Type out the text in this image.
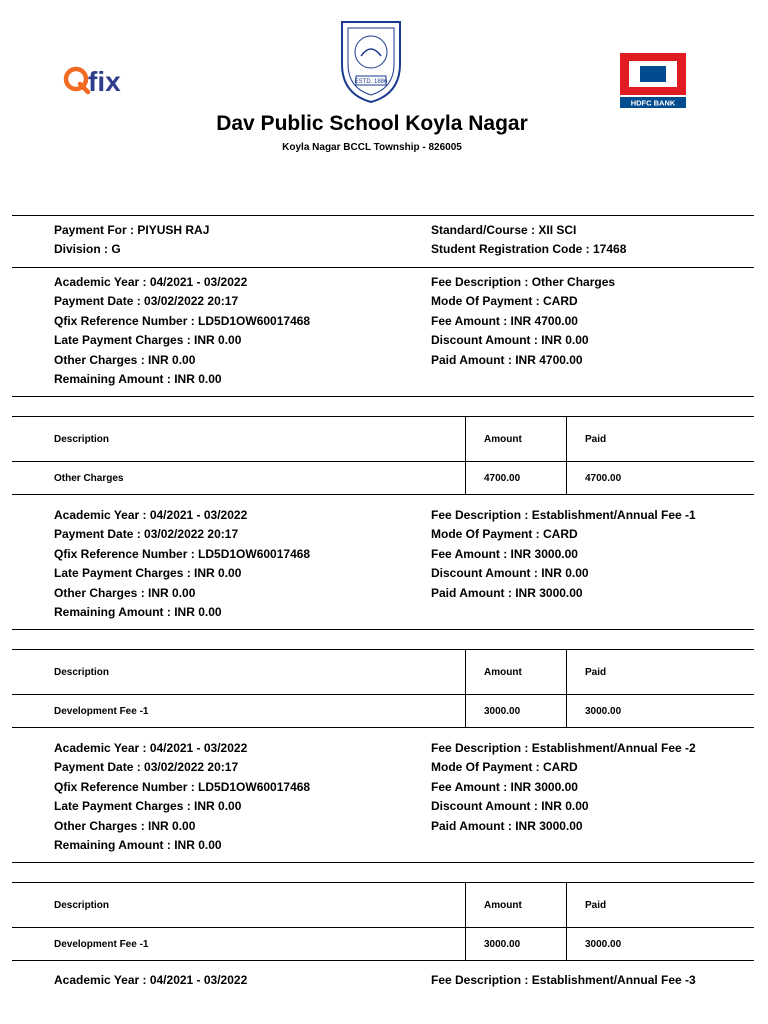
fix	ESTD. 1886
HDFC BANK
Dav Public School Koyla Nagar
Koyla Nagar BCCL Township - 826005
Payment For : PIYUSH RAJ
Division : G
Standard/Course : XII SCI
Student Registration Code : 17468
Academic Year : 04/2021 - 03/2022
Payment Date : 03/02/2022 20:17
Qfix Reference Number : LD5D1OW60017468
Late Payment Charges : INR 0.00
Other Charges : INR 0.00
Remaining Amount : INR 0.00
Fee Description : Other Charges
Mode Of Payment : CARD
Fee Amount : INR 4700.00
Discount Amount : INR 0.00
Paid Amount : INR 4700.00
Description	Amount	Paid
Other Charges	4700.00	4700.00
Academic Year : 04/2021 - 03/2022
Payment Date : 03/02/2022 20:17
Qfix Reference Number : LD5D1OW60017468
Late Payment Charges : INR 0.00
Other Charges : INR 0.00
Remaining Amount : INR 0.00
Fee Description : Establishment/Annual Fee -1
Mode Of Payment : CARD
Fee Amount : INR 3000.00
Discount Amount : INR 0.00
Paid Amount : INR 3000.00
Description	Amount	Paid
Development Fee -1	3000.00	3000.00
Academic Year : 04/2021 - 03/2022
Payment Date : 03/02/2022 20:17
Qfix Reference Number : LD5D1OW60017468
Late Payment Charges : INR 0.00
Other Charges : INR 0.00
Remaining Amount : INR 0.00
Fee Description : Establishment/Annual Fee -2
Mode Of Payment : CARD
Fee Amount : INR 3000.00
Discount Amount : INR 0.00
Paid Amount : INR 3000.00
Description	Amount	Paid
Development Fee -1	3000.00	3000.00
Academic Year : 04/2021 - 03/2022	Fee Description : Establishment/Annual Fee -3
